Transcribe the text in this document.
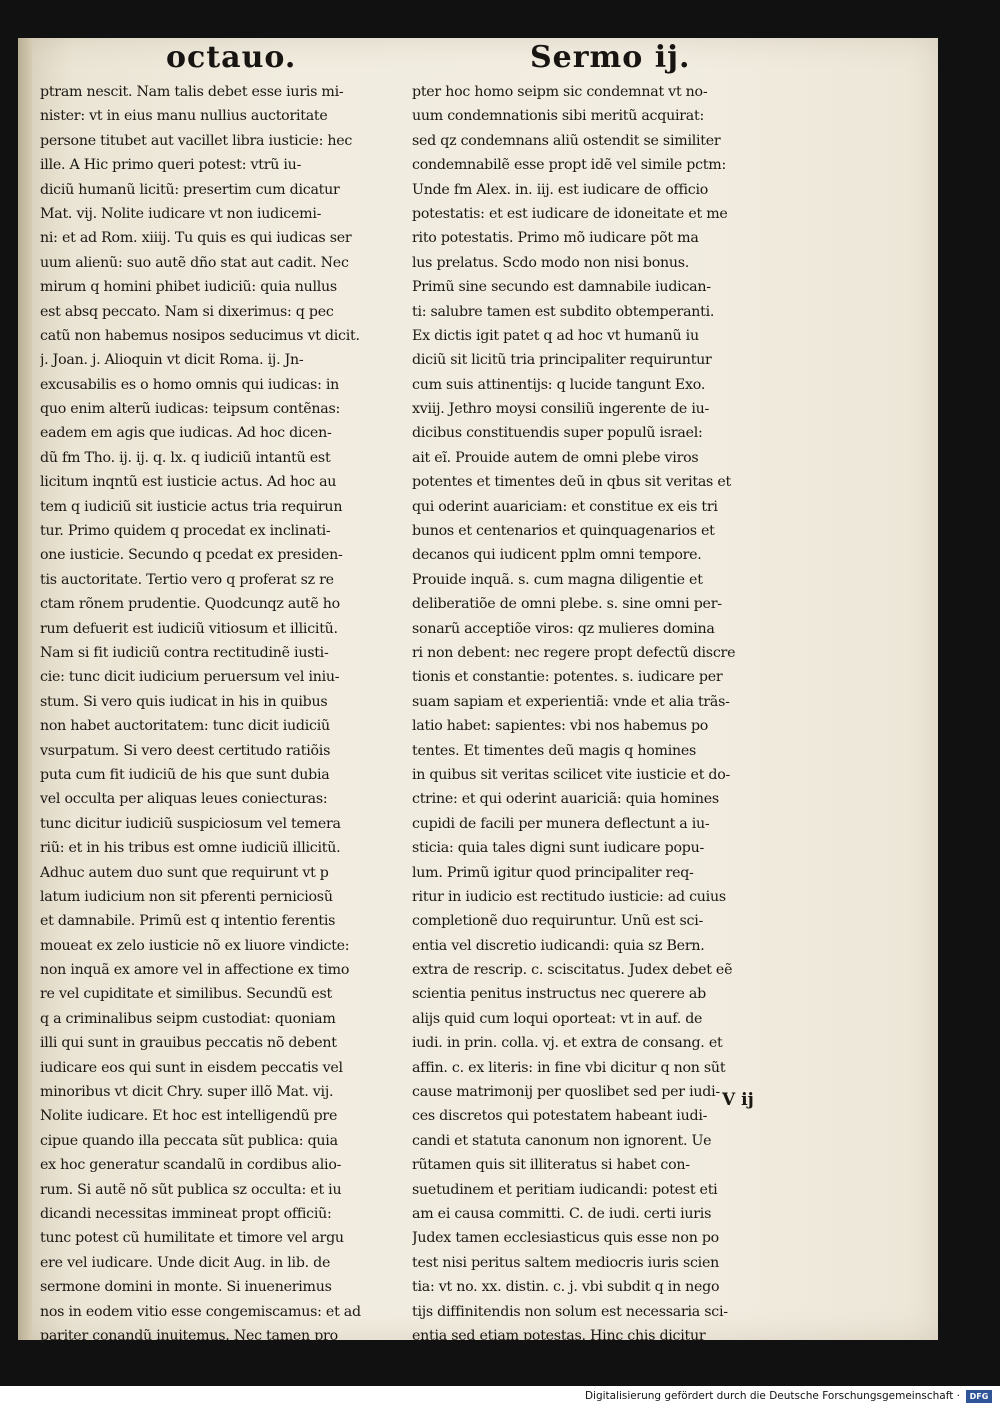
octauo.	Sermo ij.
ptram nescit. Nam talis debet esse iuris mi-
nister: vt in eius manu nullius auctoritate
persone titubet aut vacillet libra iusticie: hec
ille. A Hic primo queri potest: vtrũ iu-
diciũ humanũ licitũ: presertim cum dicatur
Mat. vij. Nolite iudicare vt non iudicemi-
ni: et ad Rom. xiiij. Tu quis es qui iudicas ser
uum alienũ: suo autẽ dño stat aut cadit. Nec
mirum q homini phibet iudiciũ: quia nullus
est absq peccato. Nam si dixerimus: q pec
catũ non habemus nosipos seducimus vt dicit.
j. Joan. j. Alioquin vt dicit Roma. ij. Jn-
excusabilis es o homo omnis qui iudicas: in
quo enim alterũ iudicas: teipsum contẽnas:
eadem em agis que iudicas. Ad hoc dicen-
dũ fm Tho. ij. ij. q. lx. q iudiciũ intantũ est
licitum inqntũ est iusticie actus. Ad hoc au
tem q iudiciũ sit iusticie actus tria requirun
tur. Primo quidem q procedat ex inclinati-
one iusticie. Secundo q pcedat ex presiden-
tis auctoritate. Tertio vero q proferat sz re
ctam rõnem prudentie. Quodcunqz autẽ ho
rum defuerit est iudiciũ vitiosum et illicitũ.
Nam si fit iudiciũ contra rectitudinẽ iusti-
cie: tunc dicit iudicium peruersum vel iniu-
stum. Si vero quis iudicat in his in quibus
non habet auctoritatem: tunc dicit iudiciũ
vsurpatum. Si vero deest certitudo ratiõis
puta cum fit iudiciũ de his que sunt dubia
vel occulta per aliquas leues coniecturas:
tunc dicitur iudiciũ suspiciosum vel temera
riũ: et in his tribus est omne iudiciũ illicitũ.
Adhuc autem duo sunt que requirunt vt p
latum iudicium non sit pferenti perniciosũ
et damnabile. Primũ est q intentio ferentis
moueat ex zelo iusticie nõ ex liuore vindicte:
non inquã ex amore vel in affectione ex timo
re vel cupiditate et similibus. Secundũ est
q a criminalibus seipm custodiat: quoniam
illi qui sunt in grauibus peccatis nõ debent
iudicare eos qui sunt in eisdem peccatis vel
minoribus vt dicit Chry. super illõ Mat. vij.
Nolite iudicare. Et hoc est intelligendũ pre
cipue quando illa peccata sũt publica: quia
ex hoc generatur scandalũ in cordibus alio-
rum. Si autẽ nõ sũt publica sz occulta: et iu
dicandi necessitas immineat propt officiũ:
tunc potest cũ humilitate et timore vel argu
ere vel iudicare. Unde dicit Aug. in lib. de
sermone domini in monte. Si inuenerimus
nos in eodem vitio esse congemiscamus: et ad
pariter conandũ inuitemus. Nec tamen pro
pter hoc homo seipm sic condemnat vt no-
uum condemnationis sibi meritũ acquirat:
sed qz condemnans aliũ ostendit se similiter
condemnabilẽ esse propt idẽ vel simile pctm:
Unde fm Alex. in. iij. est iudicare de officio
potestatis: et est iudicare de idoneitate et me
rito potestatis. Primo mõ iudicare põt ma
lus prelatus. Scdo modo non nisi bonus.
Primũ sine secundo est damnabile iudican-
ti: salubre tamen est subdito obtemperanti.
Ex dictis igit patet q ad hoc vt humanũ iu
diciũ sit licitũ tria principaliter requiruntur
cum suis attinentijs: q lucide tangunt Exo.
xviij. Jethro moysi consiliũ ingerente de iu-
dicibus constituendis super populũ israel:
ait eĩ. Prouide autem de omni plebe viros
potentes et timentes deũ in qbus sit veritas et
qui oderint auariciam: et constitue ex eis tri
bunos et centenarios et quinquagenarios et
decanos qui iudicent pplm omni tempore.
Prouide inquã. s. cum magna diligentie et
deliberatiõe de omni plebe. s. sine omni per-
sonarũ acceptiõe viros: qz mulieres domina
ri non debent: nec regere propt defectũ discre
tionis et constantie: potentes. s. iudicare per
suam sapiam et experientiã: vnde et alia trãs-
latio habet: sapientes: vbi nos habemus po
tentes. Et timentes deũ magis q homines
in quibus sit veritas scilicet vite iusticie et do-
ctrine: et qui oderint auariciã: quia homines
cupidi de facili per munera deflectunt a iu-
sticia: quia tales digni sunt iudicare popu-
lum. Primũ igitur quod principaliter req-
ritur in iudicio est rectitudo iusticie: ad cuius
completionẽ duo requiruntur. Unũ est sci-
entia vel discretio iudicandi: quia sz Bern.
extra de rescrip. c. sciscitatus. Judex debet eẽ
scientia penitus instructus nec querere ab
alijs quid cum loqui oporteat: vt in auf. de
iudi. in prin. colla. vj. et extra de consang. et
affin. c. ex literis: in fine vbi dicitur q non sũt
cause matrimonij per quoslibet sed per iudi-
ces discretos qui potestatem habeant iudi-
candi et statuta canonum non ignorent. Ue
rũtamen quis sit illiteratus si habet con-
suetudinem et peritiam iudicandi: potest eti
am ei causa committi. C. de iudi. certi iuris
Judex tamen ecclesiasticus quis esse non po
test nisi peritus saltem mediocris iuris scien
tia: vt no. xx. distin. c. j. vbi subdit q in nego
tijs diffinitendis non solum est necessaria sci-
entia sed etiam potestas. Hinc chis dicitur
V ij
Digitalisierung gefördert durch die Deutsche Forschungsgemeinschaft ·	DFG
